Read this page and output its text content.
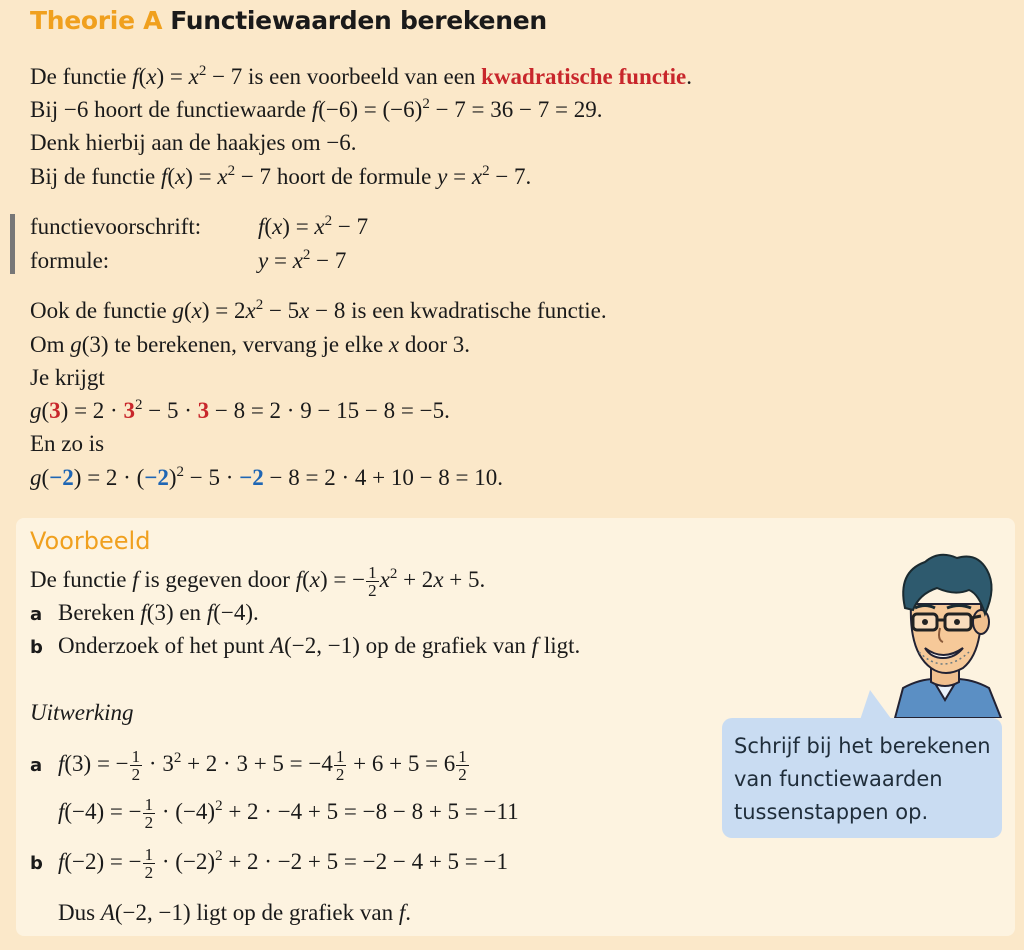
Theorie A Functiewaarden berekenen
De functie $f(x) = x^2 - 7$ is een voorbeeld van een kwadratische functie.
Bij −6 hoort de functiewaarde $f(-6) = (-6)^2 - 7 = 36 - 7 = 29$.
Denk hierbij aan de haakjes om −6.
Bij de functie $f(x) = x^2 - 7$ hoort de formule $y = x^2 - 7$.
functievoorschrift: $f(x) = x^2 - 7$
formule:	$y = x^2 - 7$
Ook de functie $g(x) = 2x^2 - 5x - 8$ is een kwadratische functie.
Om g(3) te berekenen, vervang je elke x door 3.
Je krijgt
$g(3) = 2 \cdot 3^2 - 5 \cdot 3 - 8 = 2 \cdot 9 - 15 - 8 = -5$.
En zo is
$g(-2) = 2 \cdot (-2)^2 - 5 \cdot -2 - 8 = 2 \cdot 4 + 10 - 8 = 10$.
Voorbeeld
De functie f is gegeven door f(x) = − $\frac{1}{2} x^2 + 2x + 5$.
a Bereken f(3) en f(−4).
b Onderzoek of het punt A(−2, −1) op de grafiek van f ligt.
Uitwerking
a f(3) = − $\frac{1}{2} \cdot 3^2 + 2 \cdot 3 + 5 = -4 \frac{1}{2} + 6 + 5 = 6 \frac{1}{2}$
f(−4) = − $\frac{1}{2} \cdot (-4)^2 + 2 \cdot -4 + 5 = -8 - 8 + 5 = -11$
b f(−2) = − $\frac{1}{2} \cdot (-2)^2 + 2 \cdot -2 + 5 = -2 - 4 + 5 = -1$
Dus A(−2, −1) ligt op de grafiek van f.
Schrijf bij het berekenen
van functiewaarden
tussenstappen op.
